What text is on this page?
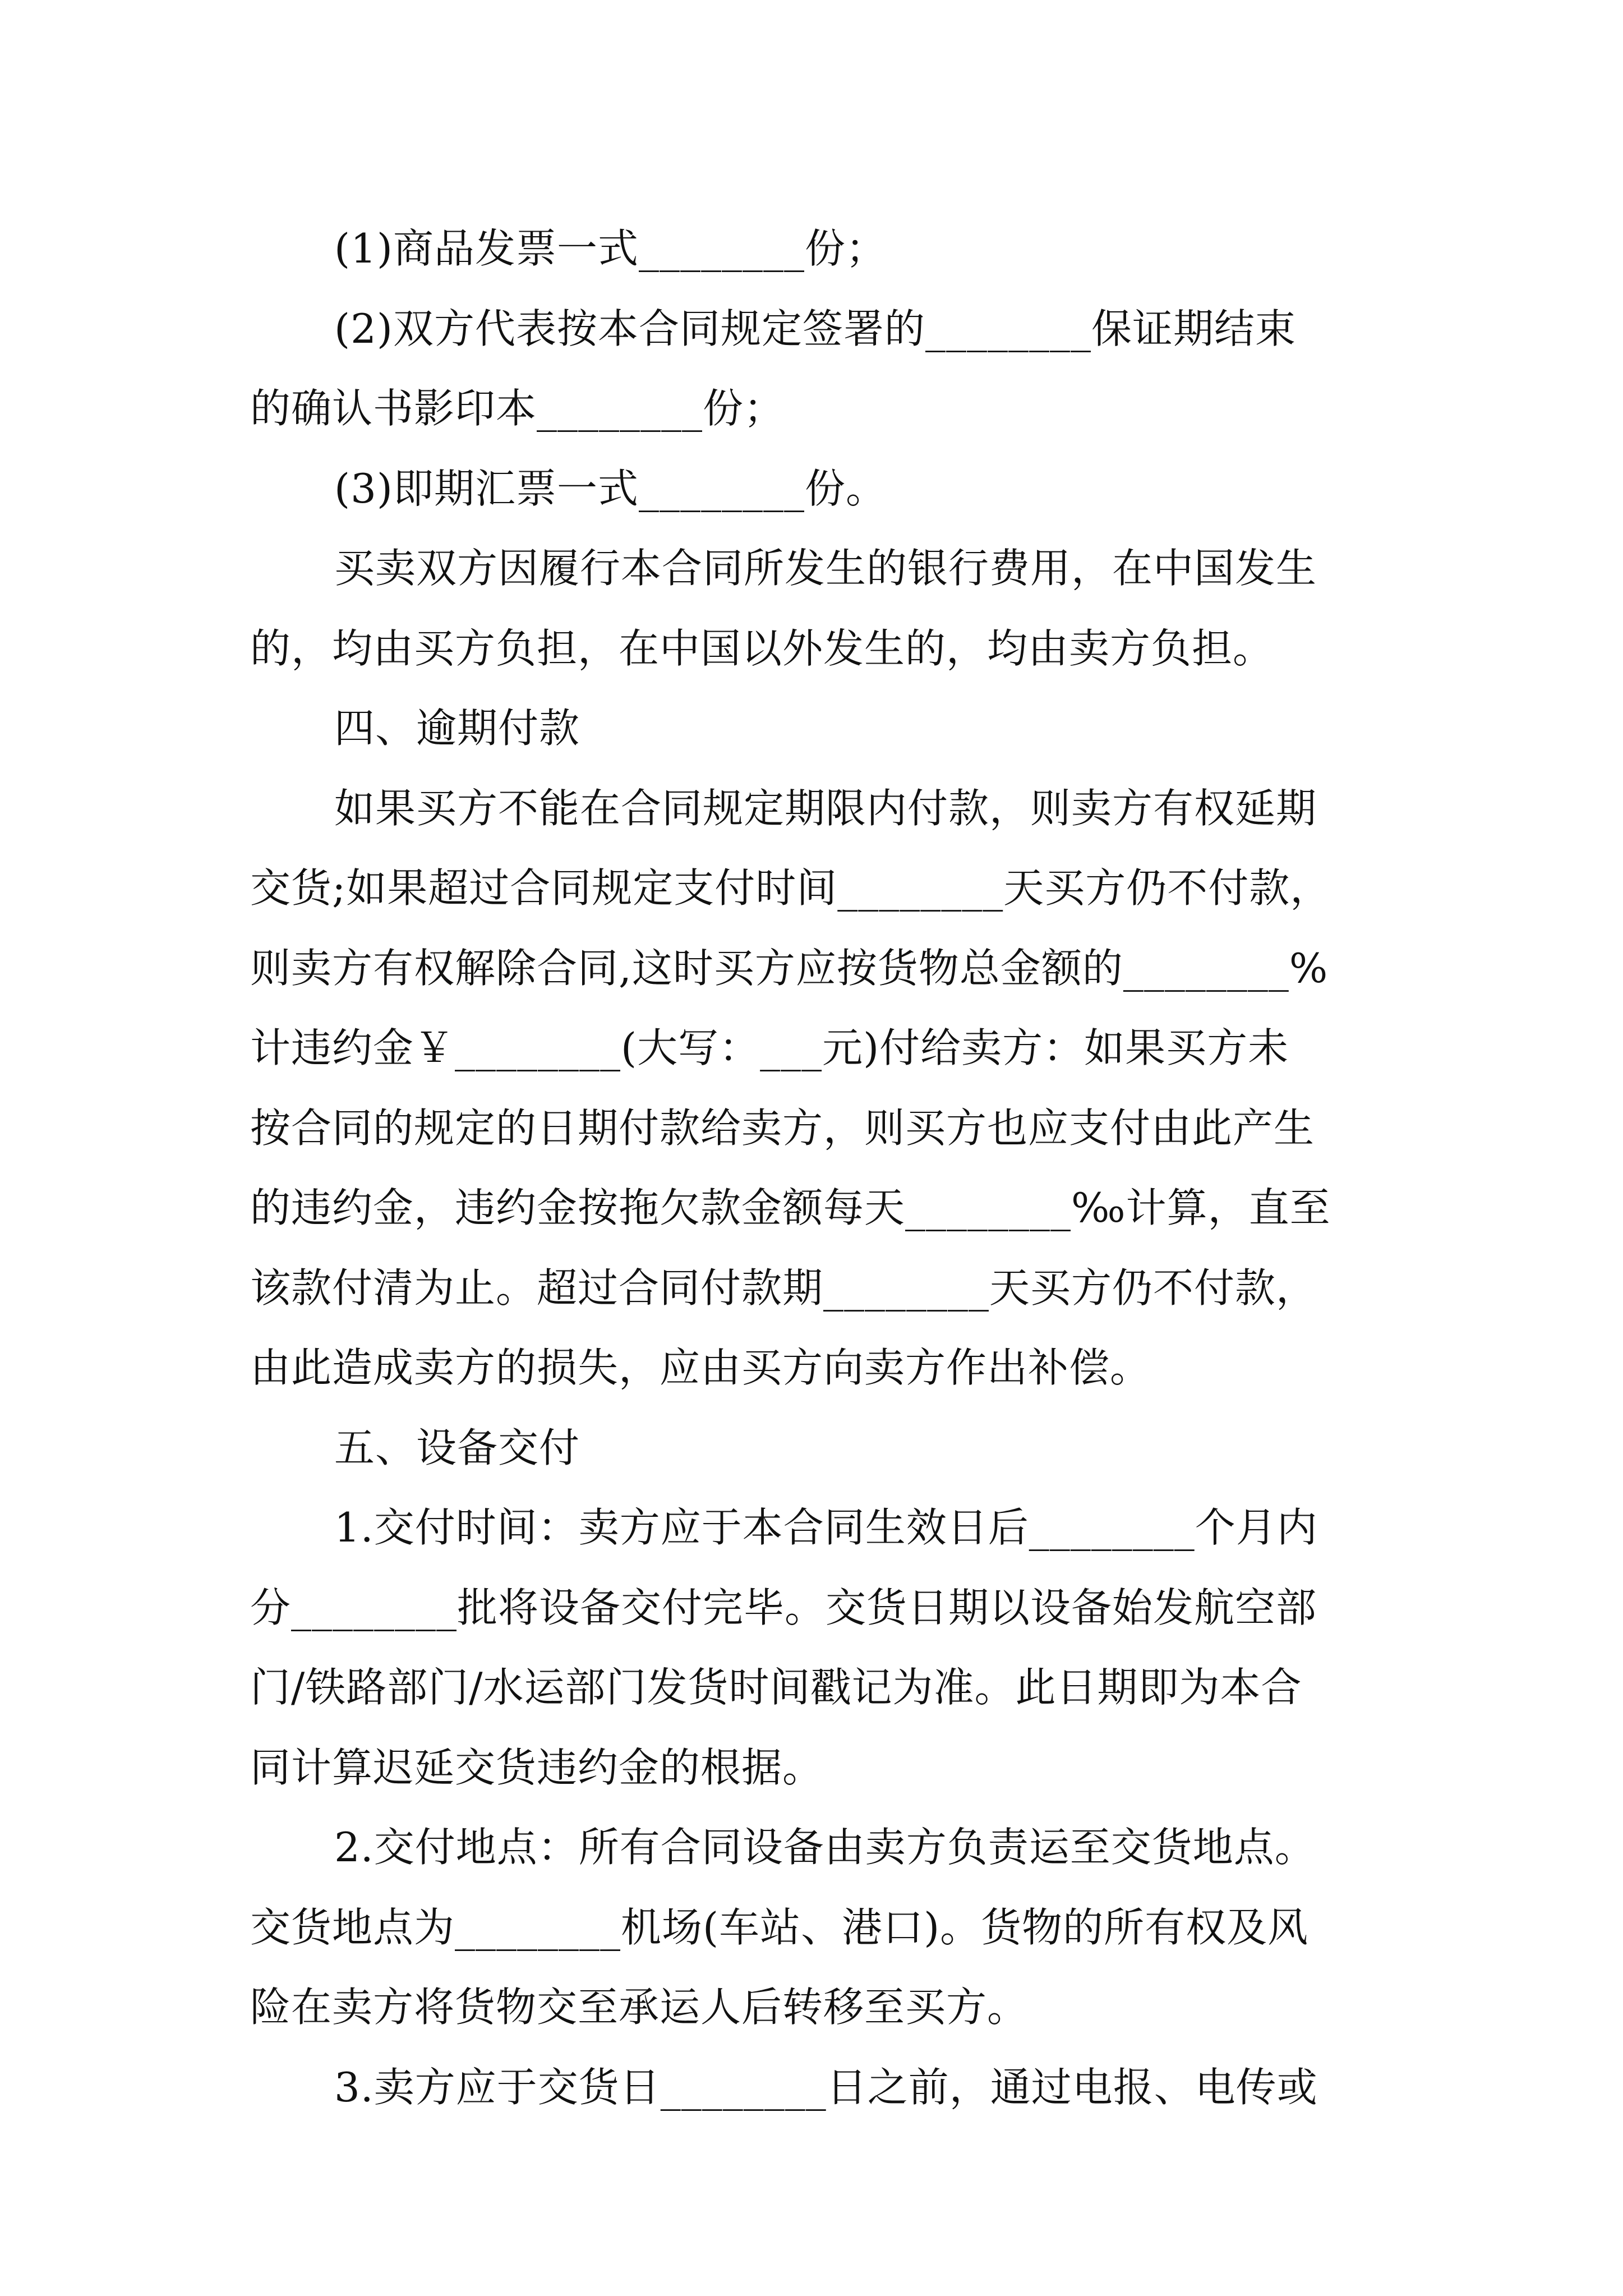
(1)商品发票一式________份；
(2)双方代表按本合同规定签署的________保证期结束
的确认书影印本________份；
(3)即期汇票一式________份。
买卖双方因履行本合同所发生的银行费用，在中国发生
的，均由买方负担，在中国以外发生的，均由卖方负担。
四、逾期付款
如果买方不能在合同规定期限内付款，则卖方有权延期
交货;如果超过合同规定支付时间________天买方仍不付款，
则卖方有权解除合同,这时买方应按货物总金额的________%
计违约金￥________(大写：___元)付给卖方：如果买方未
按合同的规定的日期付款给卖方，则买方也应支付由此产生
的违约金，违约金按拖欠款金额每天________‰计算，直至
该款付清为止。超过合同付款期________天买方仍不付款，
由此造成卖方的损失，应由买方向卖方作出补偿。
五、设备交付
1.交付时间：卖方应于本合同生效日后________个月内
分________批将设备交付完毕。交货日期以设备始发航空部
门/铁路部门/水运部门发货时间戳记为准。此日期即为本合
同计算迟延交货违约金的根据。
2.交付地点：所有合同设备由卖方负责运至交货地点。
交货地点为________机场(车站、港口)。货物的所有权及风
险在卖方将货物交至承运人后转移至买方。
3.卖方应于交货日________日之前，通过电报、电传或
